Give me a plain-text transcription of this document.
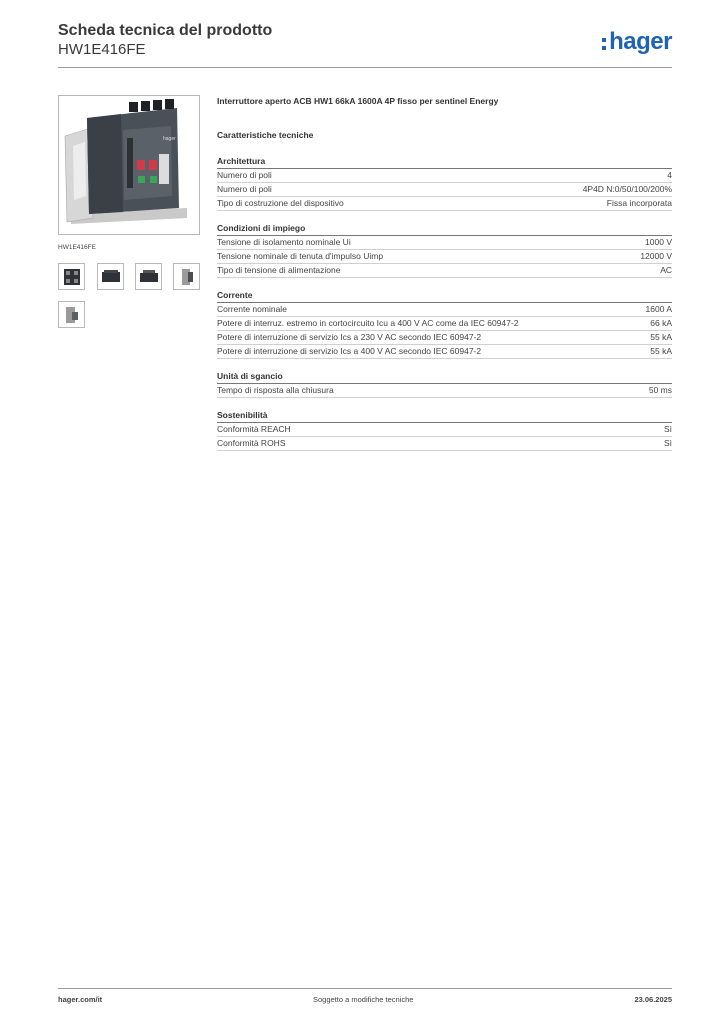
Scheda tecnica del prodotto
HW1E416FE	hager
hager
HW1E416FE
Interruttore aperto ACB HW1 66kA 1600A 4P fisso per sentinel Energy
Caratteristiche tecniche
Architettura
Numero di poli	4
Numero di poli	4P4D N:0/50/100/200%
Tipo di costruzione del dispositivo	Fissa incorporata
Condizioni di impiego
Tensione di isolamento nominale Ui	1000 V
Tensione nominale di tenuta d'impulso Uimp	12000 V
Tipo di tensione di alimentazione	AC
Corrente
Corrente nominale	1600 A
Potere di interruz. estremo in cortocircuito Icu a 400 V AC come da IEC 60947-2	66 kA
Potere di interruzione di servizio Ics a 230 V AC secondo IEC 60947-2	55 kA
Potere di interruzione di servizio Ics a 400 V AC secondo IEC 60947-2	55 kA
Unità di sgancio
Tempo di risposta alla chiusura	50 ms
Sostenibilità
Conformità REACH	Sì
Conformità ROHS	Sì
hager.com/it	Soggetto a modifiche tecniche	23.06.2025
